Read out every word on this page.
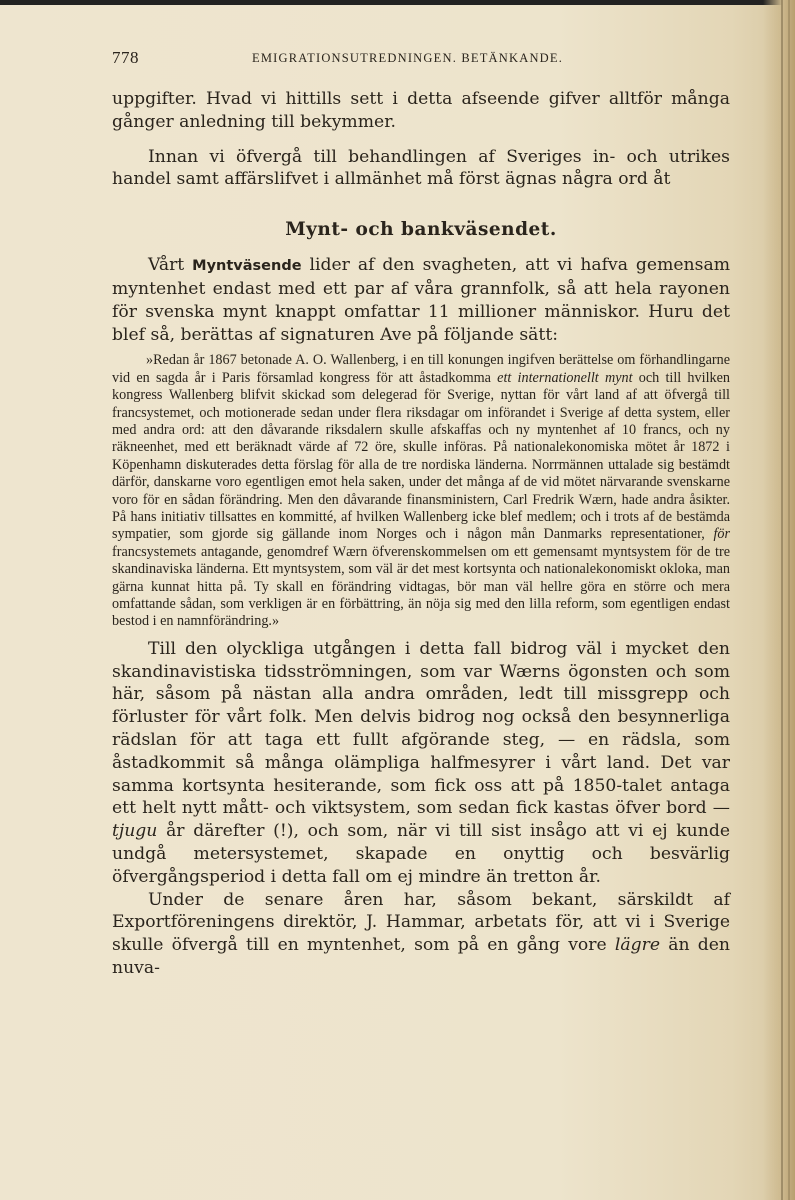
778	EMIGRATIONSUTREDNINGEN. BETÄNKANDE.

uppgifter. Hvad vi hittills sett i detta afseende gifver alltför många gånger anledning till bekymmer.

Innan vi öfvergå till behandlingen af Sveriges in- och utrikes handel samt affärslifvet i allmänhet må först ägnas några ord åt

Mynt- och bankväsendet.

Vårt Myntväsende lider af den svagheten, att vi hafva gemensam myntenhet endast med ett par af våra grannfolk, så att hela rayonen för svenska mynt knappt omfattar 11 millioner människor. Huru det blef så, berättas af signaturen Ave på följande sätt:

»Redan år 1867 betonade A. O. Wallenberg, i en till konungen ingifven berättelse om förhandlingarne vid en sagda år i Paris församlad kongress för att åstadkomma ett internationellt mynt och till hvilken kongress Wallenberg blifvit skickad som delegerad för Sverige, nyttan för vårt land af att öfvergå till francsystemet, och motionerade sedan under flera riksdagar om införandet i Sverige af detta system, eller med andra ord: att den dåvarande riksdalern skulle afskaffas och ny myntenhet af 10 francs, och ny räkneenhet, med ett beräknadt värde af 72 öre, skulle införas. På nationalekonomiska mötet år 1872 i Köpenhamn diskuterades detta förslag för alla de tre nordiska länderna. Norrmännen uttalade sig bestämdt därför, danskarne voro egentligen emot hela saken, under det många af de vid mötet närvarande svenskarne voro för en sådan förändring. Men den dåvarande finansministern, Carl Fredrik Wærn, hade andra åsikter. På hans initiativ tillsattes en kommitté, af hvilken Wallenberg icke blef medlem; och i trots af de bestämda sympatier, som gjorde sig gällande inom Norges och i någon mån Danmarks representationer, för francsystemets antagande, genomdref Wærn öfverenskommelsen om ett gemensamt myntsystem för de tre skandinaviska länderna. Ett myntsystem, som väl är det mest kortsynta och nationalekonomiskt okloka, man gärna kunnat hitta på. Ty skall en förändring vidtagas, bör man väl hellre göra en större och mera omfattande sådan, som verkligen är en förbättring, än nöja sig med den lilla reform, som egentligen endast bestod i en namnförändring.»

Till den olyckliga utgången i detta fall bidrog väl i mycket den skandinavistiska tidsströmningen, som var Wærns ögonsten och som här, såsom på nästan alla andra områden, ledt till missgrepp och förluster för vårt folk. Men delvis bidrog nog också den besynnerliga rädslan för att taga ett fullt afgörande steg, — en rädsla, som åstadkommit så många olämpliga halfmesyrer i vårt land. Det var samma kortsynta hesiterande, som fick oss att på 1850-talet antaga ett helt nytt mått- och viktsystem, som sedan fick kastas öfver bord — tjugu år därefter (!), och som, när vi till sist insågo att vi ej kunde undgå metersystemet, skapade en onyttig och besvärlig öfvergångsperiod i detta fall om ej mindre än tretton år.

Under de senare åren har, såsom bekant, särskildt af Exportföreningens direktör, J. Hammar, arbetats för, att vi i Sverige skulle öfvergå till en myntenhet, som på en gång vore lägre än den nuva-
